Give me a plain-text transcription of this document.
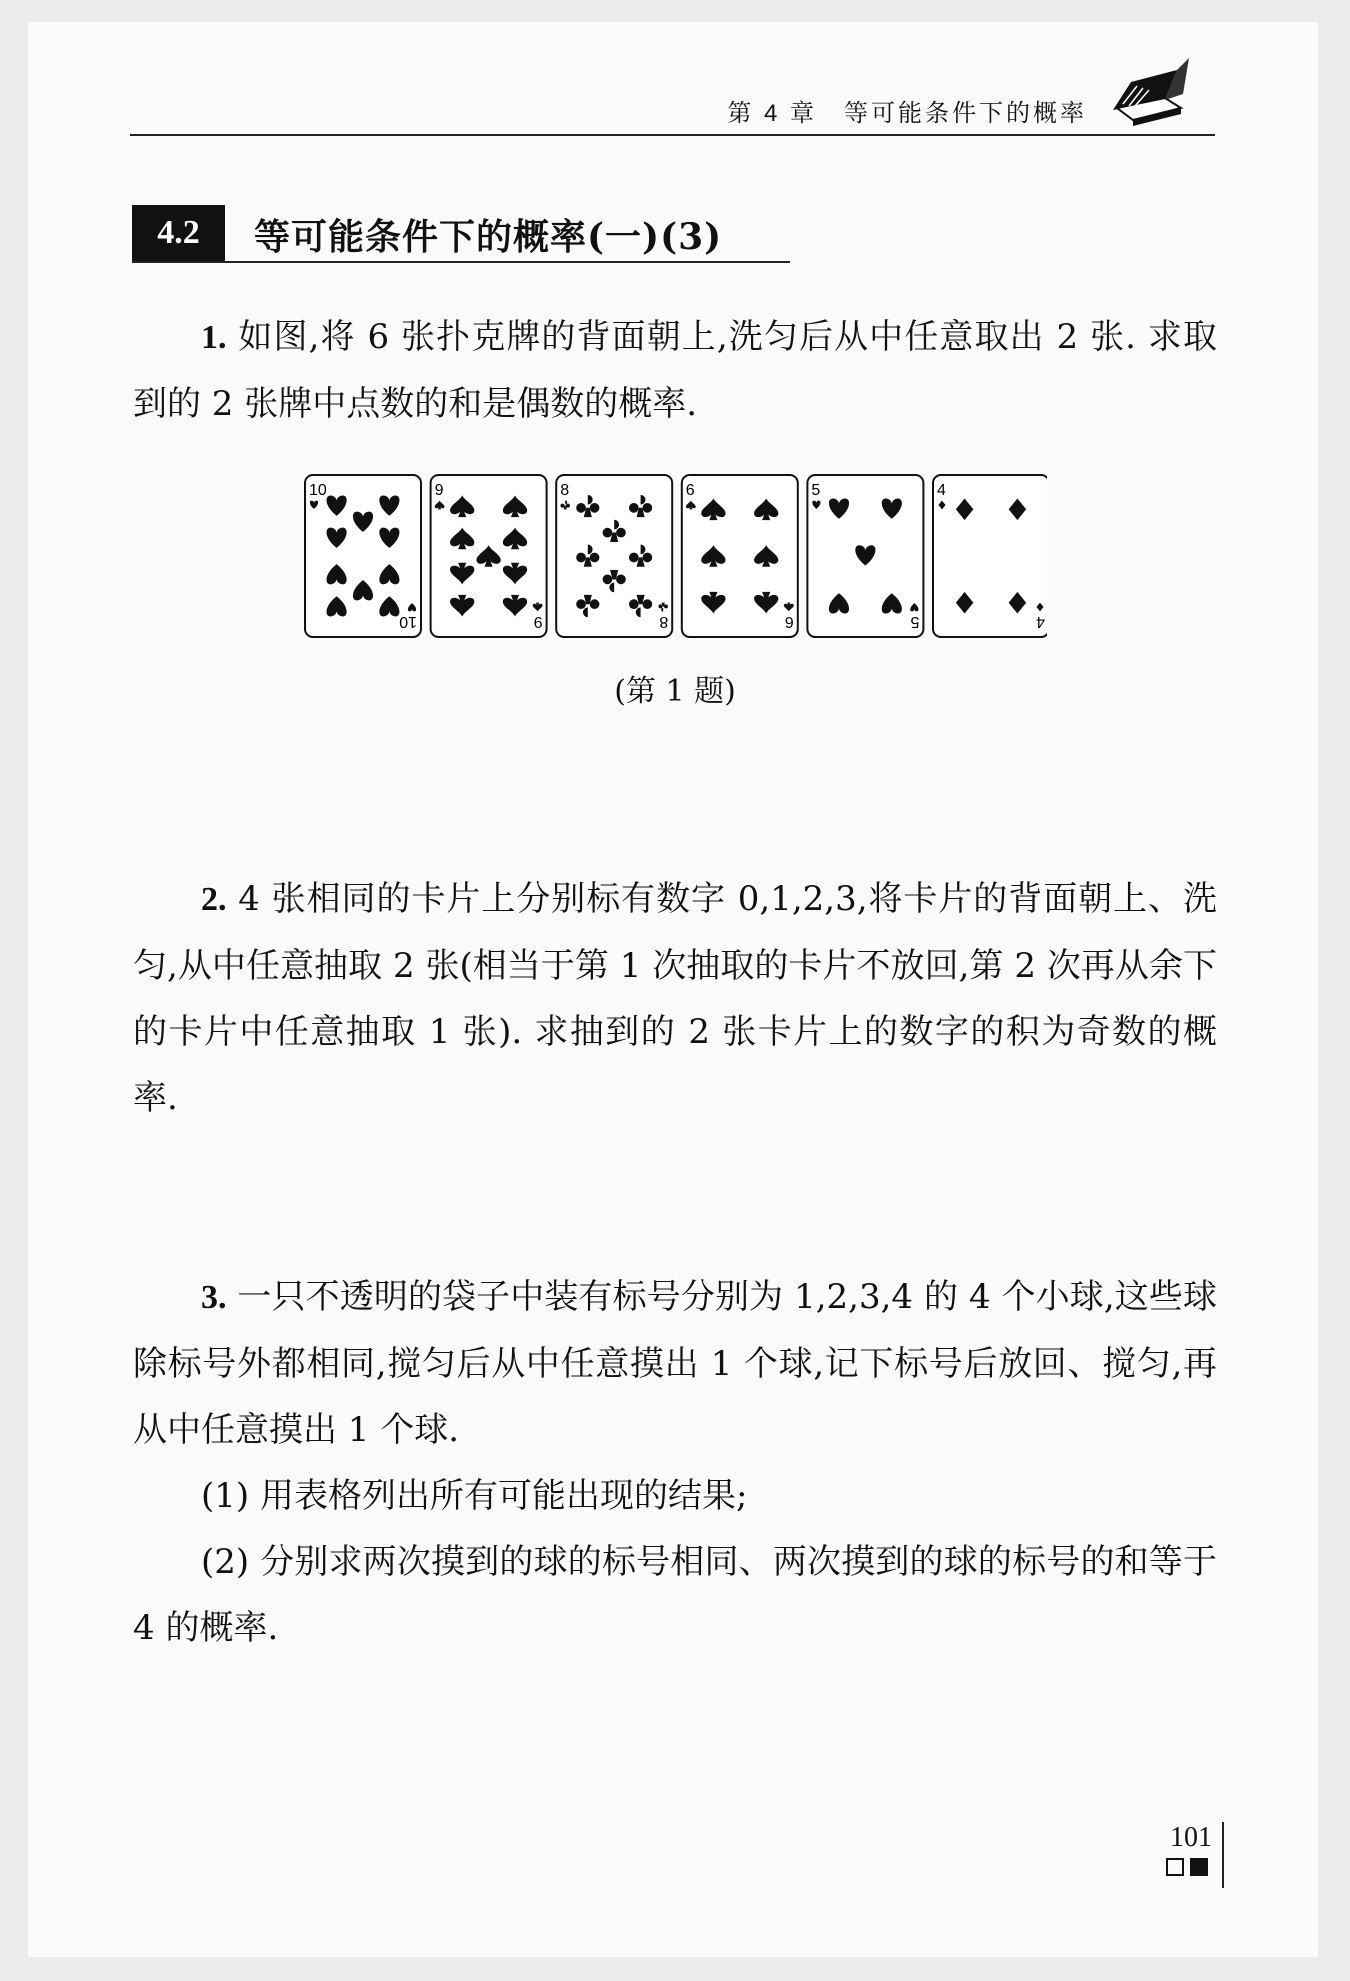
第 4 章　等可能条件下的概率
4.2	等可能条件下的概率(一)(3)

1. 如图,将 6 张扑克牌的背面朝上,洗匀后从中任意取出 2 张. 求取到的 2 张牌中点数的和是偶数的概率.

10
10
9
9
8
8
6
6
5
5
4
4
(第 1 题)

2. 4 张相同的卡片上分别标有数字 0,1,2,3,将卡片的背面朝上、洗匀,从中任意抽取 2 张(相当于第 1 次抽取的卡片不放回,第 2 次再从余下的卡片中任意抽取 1 张). 求抽到的 2 张卡片上的数字的积为奇数的概率.

3. 一只不透明的袋子中装有标号分别为 1,2,3,4 的 4 个小球,这些球除标号外都相同,搅匀后从中任意摸出 1 个球,记下标号后放回、搅匀,再从中任意摸出 1 个球.

(1) 用表格列出所有可能出现的结果;

(2) 分别求两次摸到的球的标号相同、两次摸到的球的标号的和等于 4 的概率.

101
